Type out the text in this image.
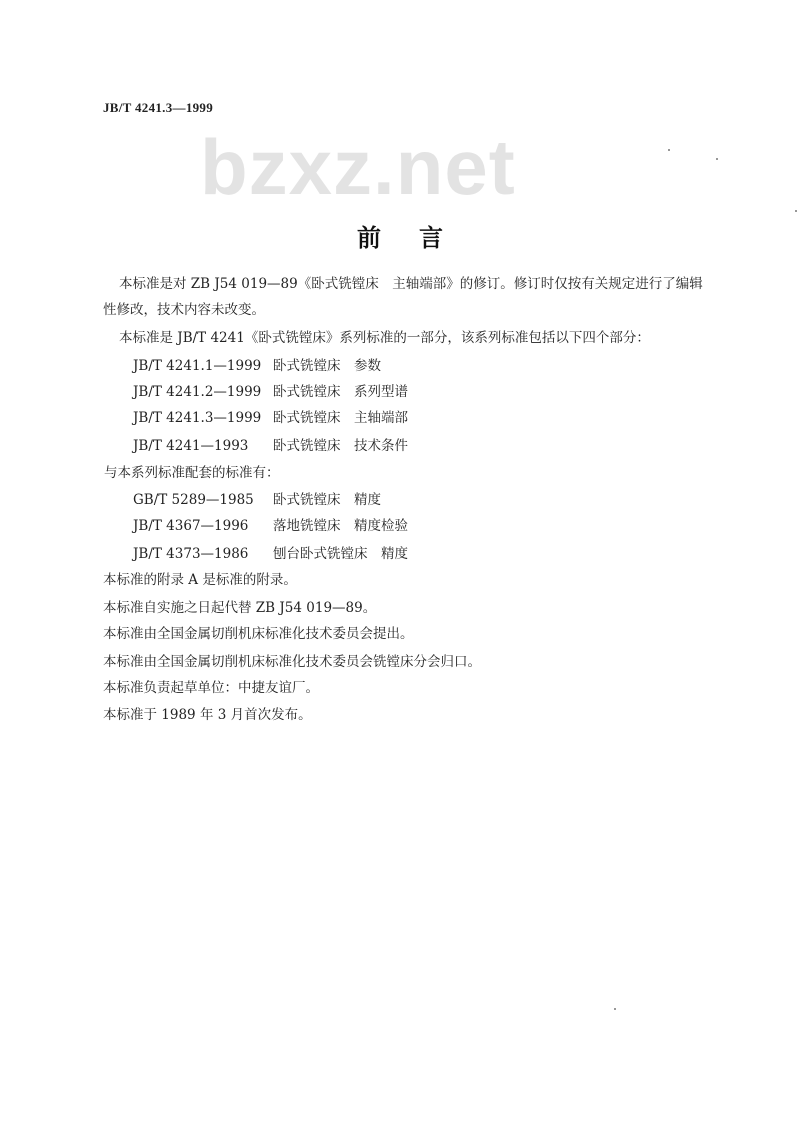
JB/T 4241.3—1999
bzxz.net
前言
本标准是对 ZB J54 019—89《卧式铣镗床　主轴端部》的修订。修订时仅按有关规定进行了编辑
性修改，技术内容未改变。
本标准是 JB/T 4241《卧式铣镗床》系列标准的一部分，该系列标准包括以下四个部分：
JB/T 4241.1—1999 卧式铣镗床　参数
JB/T 4241.2—1999 卧式铣镗床　系列型谱
JB/T 4241.3—1999 卧式铣镗床　主轴端部
JB/T 4241—1993 卧式铣镗床　技术条件
与本系列标准配套的标准有：
GB/T 5289—1985 卧式铣镗床　精度
JB/T 4367—1996 落地铣镗床　精度检验
JB/T 4373—1986 刨台卧式铣镗床　精度
本标准的附录 A 是标准的附录。
本标准自实施之日起代替 ZB J54 019—89。
本标准由全国金属切削机床标准化技术委员会提出。
本标准由全国金属切削机床标准化技术委员会铣镗床分会归口。
本标准负责起草单位：中捷友谊厂。
本标准于 1989 年 3 月首次发布。
